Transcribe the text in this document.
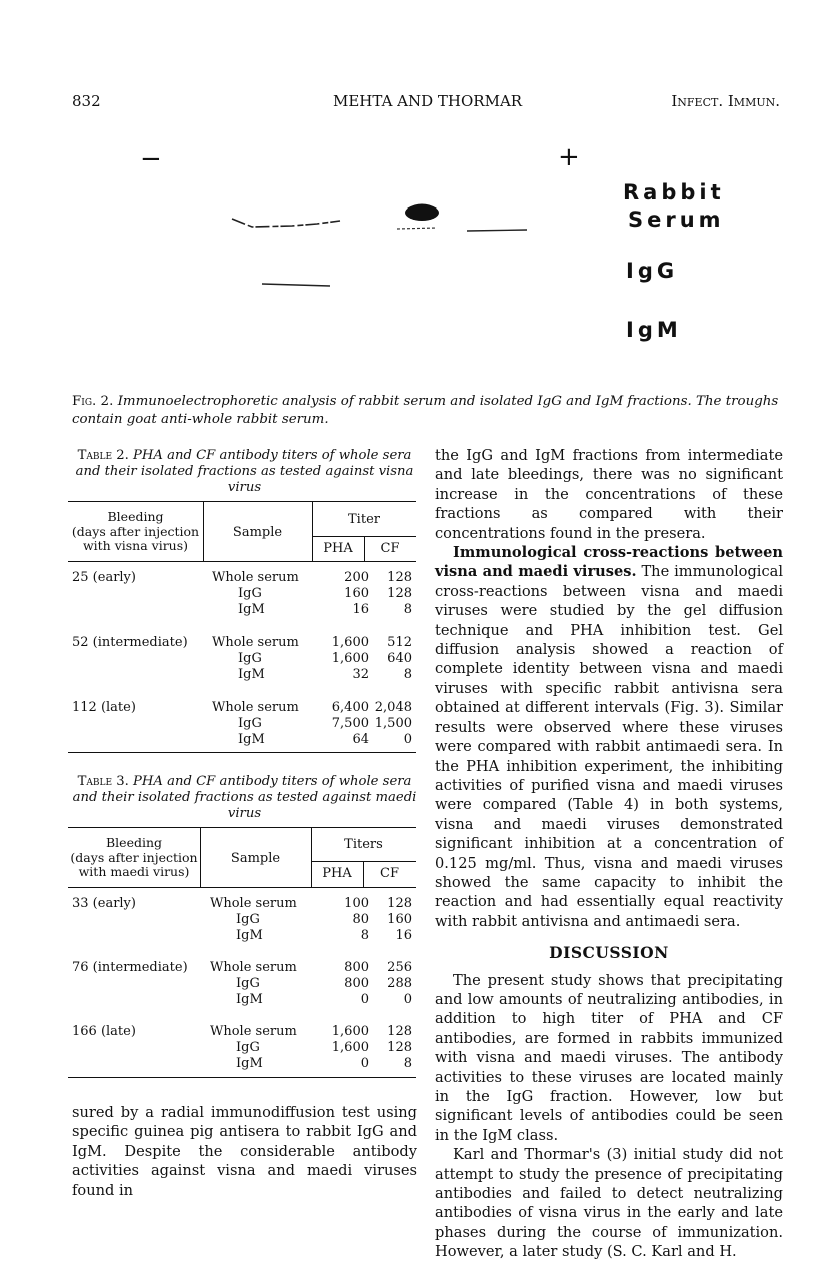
832	MEHTA AND THORMAR	Infect. Immun.
−	+
Rabbit
Serum
IgG
IgM
Fig. 2. Immunoelectrophoretic analysis of rabbit serum and isolated IgG and IgM fractions. The troughs contain goat anti-whole rabbit serum.
Table 2. PHA and CF antibody titers of whole sera and their isolated fractions as tested against visna virus
Bleeding
(days after injection
with visna virus)
Sample
Titer
PHA	CF
25 (early)	Whole serum	200	128
	IgG	160	128
	IgM	16	8

52 (intermediate)	Whole serum	1,600	512
	IgG	1,600	640
	IgM	32	8

112 (late)	Whole serum	6,400	2,048
	IgG	7,500	1,500
	IgM	64	0
Table 3. PHA and CF antibody titers of whole sera and their isolated fractions as tested against maedi virus
Bleeding
(days after injection
with maedi virus)
Sample
Titers
PHA	CF
33 (early)	Whole serum	100	128
	IgG	80	160
	IgM	8	16

76 (intermediate)	Whole serum	800	256
	IgG	800	288
	IgM	0	0

166 (late)	Whole serum	1,600	128
	IgG	1,600	128
	IgM	0	8

sured by a radial immunodiffusion test using specific guinea pig antisera to rabbit IgG and IgM. Despite the considerable antibody activities against visna and maedi viruses found in

the IgG and IgM fractions from intermediate and late bleedings, there was no significant increase in the concentrations of these fractions as compared with their concentrations found in the presera.

Immunological cross-reactions between visna and maedi viruses. The immunological cross-reactions between visna and maedi viruses were studied by the gel diffusion technique and PHA inhibition test. Gel diffusion analysis showed a reaction of complete identity between visna and maedi viruses with specific rabbit antivisna sera obtained at different intervals (Fig. 3). Similar results were observed where these viruses were compared with rabbit antimaedi sera. In the PHA inhibition experiment, the inhibiting activities of purified visna and maedi viruses were compared (Table 4) in both systems, visna and maedi viruses demonstrated significant inhibition at a concentration of 0.125 mg/ml. Thus, visna and maedi viruses showed the same capacity to inhibit the reaction and had essentially equal reactivity with rabbit antivisna and antimaedi sera.

DISCUSSION

The present study shows that precipitating and low amounts of neutralizing antibodies, in addition to high titer of PHA and CF antibodies, are formed in rabbits immunized with visna and maedi viruses. The antibody activities to these viruses are located mainly in the IgG fraction. However, low but significant levels of antibodies could be seen in the IgM class.

Karl and Thormar's (3) initial study did not attempt to study the presence of precipitating antibodies and failed to detect neutralizing antibodies of visna virus in the early and late phases during the course of immunization. However, a later study (S. C. Karl and H.
